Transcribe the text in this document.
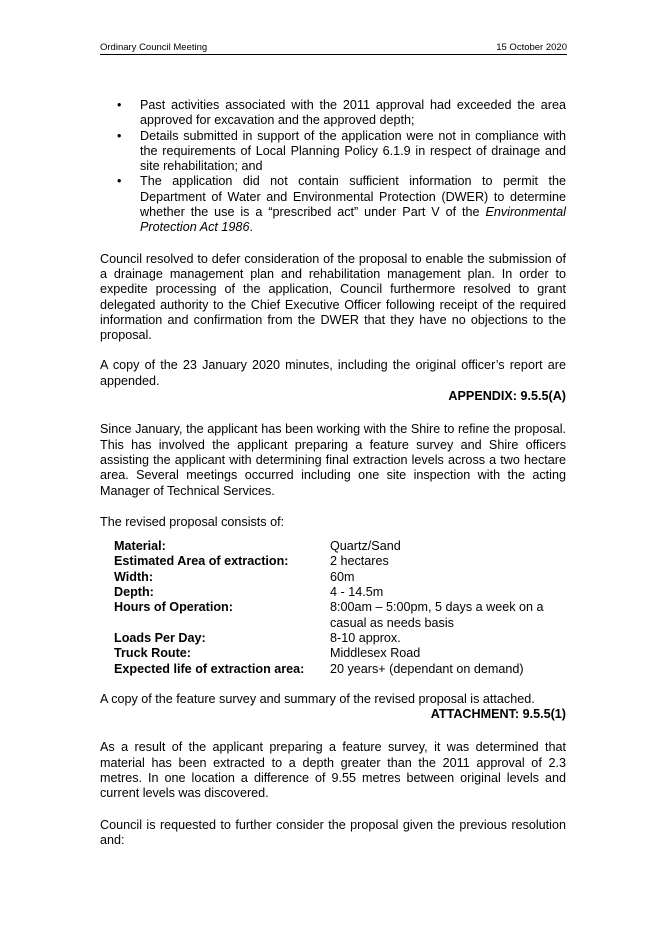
Ordinary Council Meeting	15 October 2020
• Past activities associated with the 2011 approval had exceeded the area approved for excavation and the approved depth;
• Details submitted in support of the application were not in compliance with the requirements of Local Planning Policy 6.1.9 in respect of drainage and site rehabilitation; and
• The application did not contain sufficient information to permit the Department of Water and Environmental Protection (DWER) to determine whether the use is a “prescribed act” under Part V of the Environmental Protection Act 1986.

Council resolved to defer consideration of the proposal to enable the submission of a drainage management plan and rehabilitation management plan. In order to expedite processing of the application, Council furthermore resolved to grant delegated authority to the Chief Executive Officer following receipt of the required information and confirmation from the DWER that they have no objections to the proposal.

A copy of the 23 January 2020 minutes, including the original officer’s report are appended.

APPENDIX: 9.5.5(A)

Since January, the applicant has been working with the Shire to refine the proposal. This has involved the applicant preparing a feature survey and Shire officers assisting the applicant with determining final extraction levels across a two hectare area. Several meetings occurred including one site inspection with the acting Manager of Technical Services.

The revised proposal consists of:

Material:	Quartz/Sand
Estimated Area of extraction:	2 hectares
Width:	60m
Depth:	4 - 14.5m
Hours of Operation:	8:00am – 5:00pm, 5 days a week on a casual as needs basis
Loads Per Day:	8-10 approx.
Truck Route:	Middlesex Road
Expected life of extraction area:	20 years+ (dependant on demand)

A copy of the feature survey and summary of the revised proposal is attached.

ATTACHMENT: 9.5.5(1)

As a result of the applicant preparing a feature survey, it was determined that material has been extracted to a depth greater than the 2011 approval of 2.3 metres. In one location a difference of 9.55 metres between original levels and current levels was discovered.

Council is requested to further consider the proposal given the previous resolution and:
